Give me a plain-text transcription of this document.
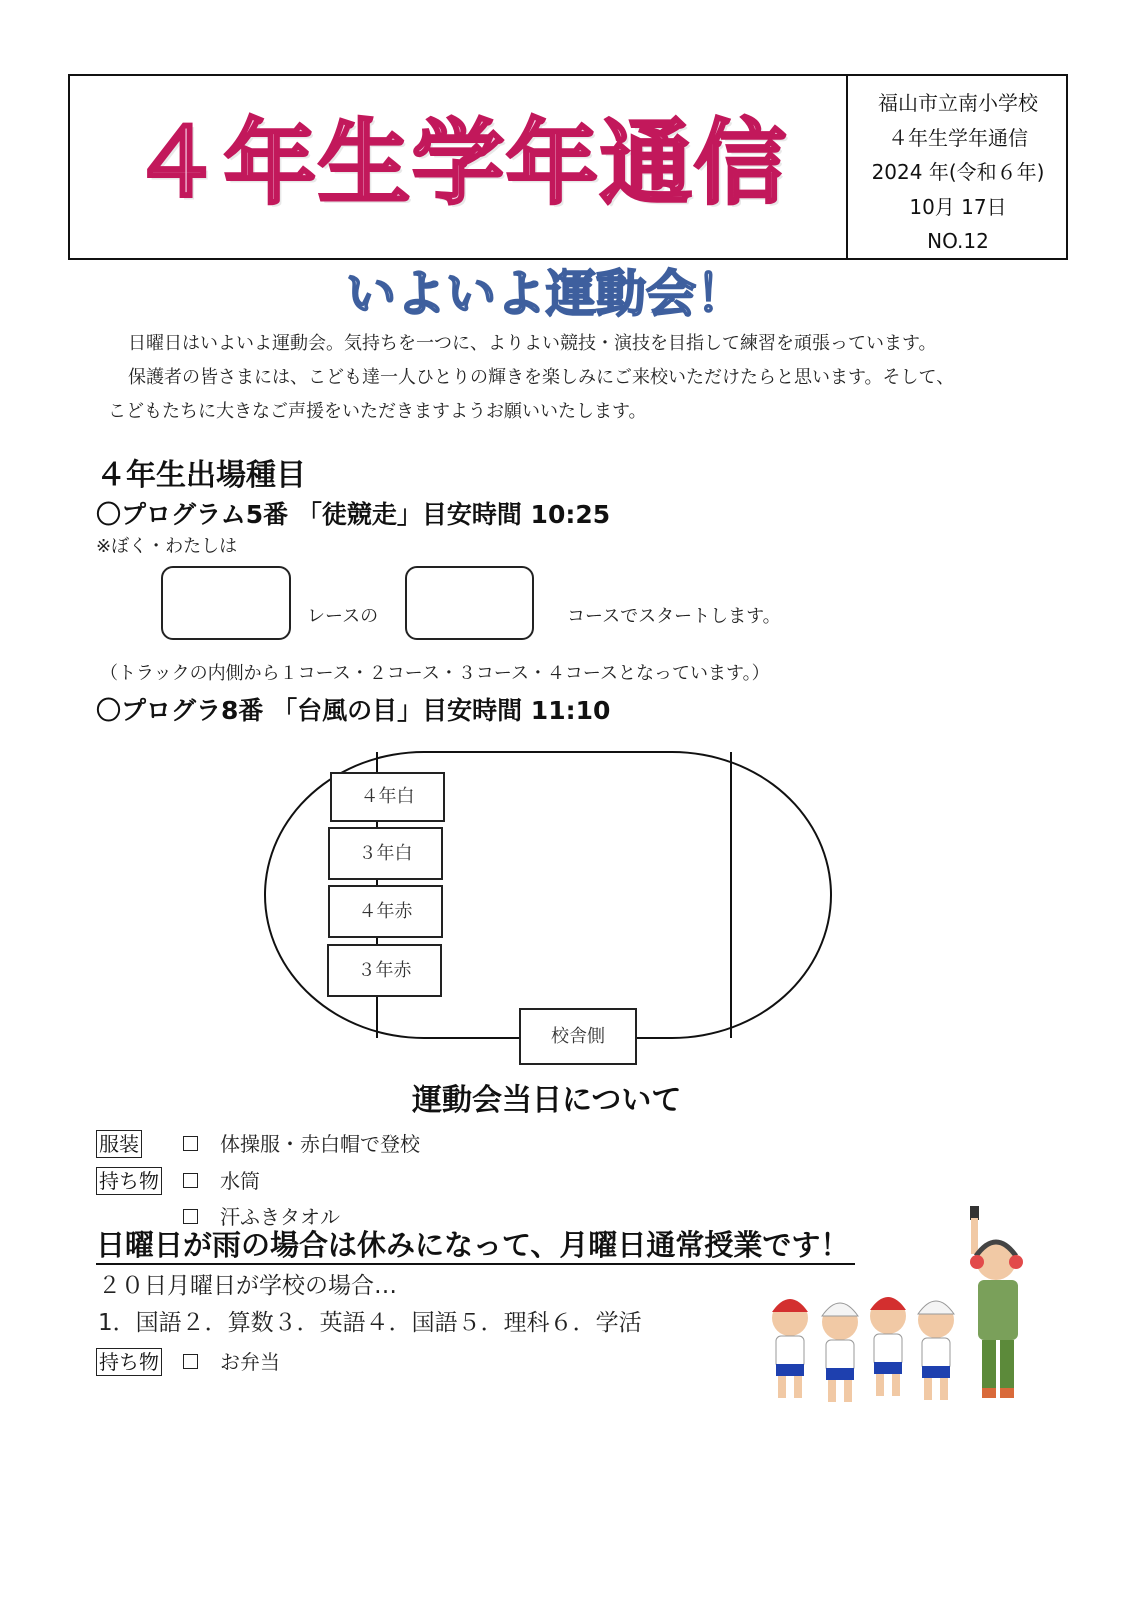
４年生学年通信
福山市立南小学校
４年生学年通信
2024 年(令和６年)
10月 17日
NO.12
いよいよ運動会！
日曜日はいよいよ運動会。気持ちを一つに、よりよい競技・演技を目指して練習を頑張っています。
保護者の皆さまには、こども達一人ひとりの輝きを楽しみにご来校いただけたらと思います。そして、
こどもたちに大きなご声援をいただきますようお願いいたします。
４年生出場種目
〇プログラム5番 「徒競走」目安時間 10:25
※ぼく・わたしは
レースの	コースでスタートします。
（トラックの内側から１コース・２コース・３コース・４コースとなっています。）
〇プログラ8番 「台風の目」目安時間 11:10
４年白
３年白
４年赤
３年赤
校舎側
運動会当日について
服装	体操服・赤白帽で登校
持ち物	水筒
汗ふきタオル
日曜日が雨の場合は休みになって、月曜日通常授業です！
２０日月曜日が学校の場合…
1．国語２．算数３．英語４．国語５．理科６．学活
持ち物	お弁当
